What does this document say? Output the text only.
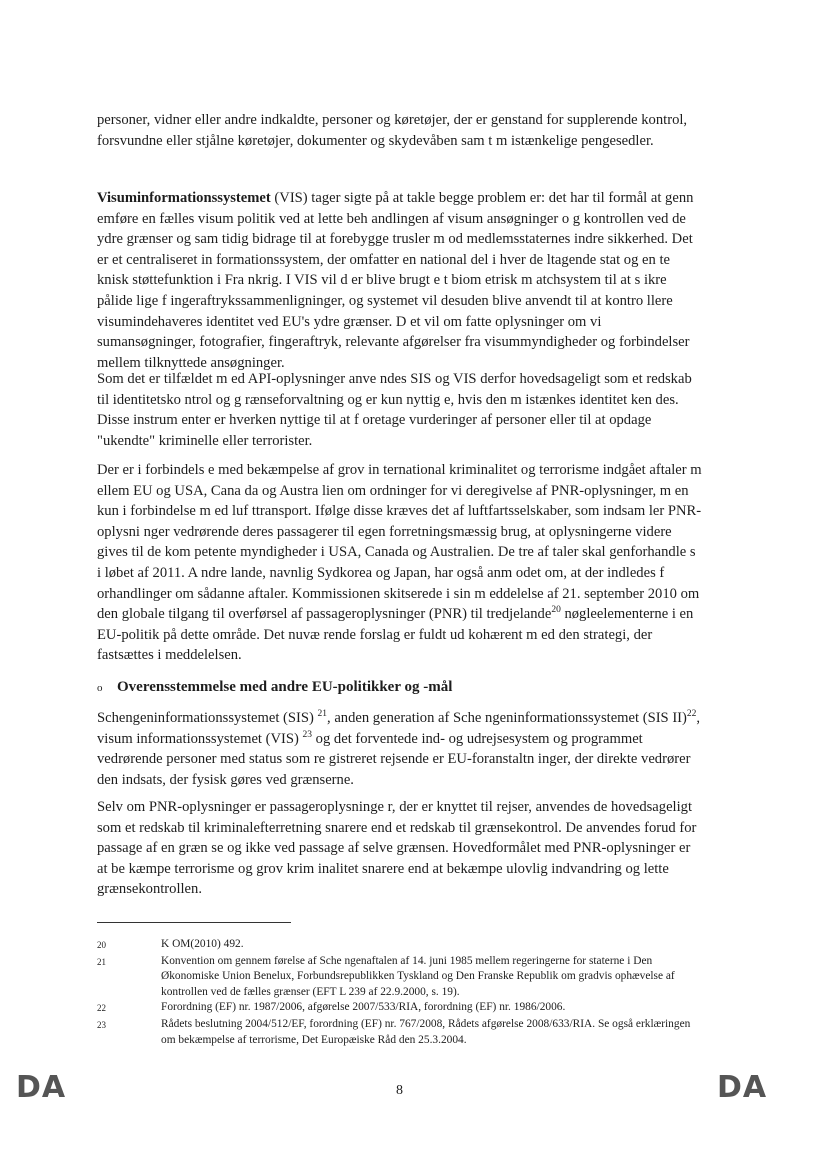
personer, vidner eller andre indkaldte, personer og køretøjer, der er genstand for supplerende kontrol, forsvundne eller stjålne køretøjer, dokumenter og skydevåben sam t m istænkelige pengesedler.

Visuminformationssystemet (VIS) tager sigte på at takle begge problem er: det har til formål at genn emføre en fælles visum politik ved at lette beh andlingen af visum ansøgninger o g kontrollen ved de ydre grænser og sam tidig bidrage til at forebygge trusler m od medlemsstaternes indre sikkerhed. Det er et centraliseret in formationssystem, der omfatter en national del i hver de ltagende stat og en te knisk støttefunktion i Fra nkrig. I VIS vil d er blive brugt e t biom etrisk m atchsystem til at s ikre pålide lige f ingeraftrykssammenligninger, og systemet vil desuden blive anvendt til at kontro llere visumindehaveres identitet ved EU's ydre grænser. D et vil om fatte oplysninger om vi sumansøgninger, fotografier, fingeraftryk, relevante afgørelser fra visummyndigheder og forbindelser mellem tilknyttede ansøgninger.

Som det er tilfældet m ed API-oplysninger anve ndes SIS og VIS derfor hovedsageligt som et redskab til identitetsko ntrol og g rænseforvaltning og er kun nyttig e, hvis den m istænkes identitet ken des. Disse instrum enter er hverken nyttige til at f oretage vurderinger af personer eller til at opdage "ukendte" kriminelle eller terrorister.

Der er i forbindels e med bekæmpelse af grov in ternational kriminalitet og terrorisme indgået aftaler m ellem EU og USA, Cana da og Austra lien om ordninger for vi deregivelse af PNR-oplysninger, m en kun i forbindelse m ed luf ttransport. Ifølge disse kræves det af luftfartsselskaber, som indsam ler PNR-oplysni nger vedrørende deres passagerer til egen forretningsmæssig brug, at oplysningerne videre gives til de kom petente myndigheder i USA, Canada og Australien. De tre af taler skal genforhandle s i løbet af 2011. A ndre lande, navnlig Sydkorea og Japan, har også anm odet om, at der indledes f orhandlinger om sådanne aftaler. Kommissionen skitserede i sin m eddelelse af 21. september 2010 om den globale tilgang til overførsel af passageroplysninger (PNR) til tredjelande$^{20}$ nøgleelementerne i en EU-politik på dette område. Det nuvæ rende forslag er fuldt ud kohærent m ed den strategi, der fastsættes i meddelelsen.

o Overensstemmelse med andre EU-politikker og -mål

Schengeninformationssystemet (SIS) $^{21}$, anden generation af Sche ngeninformationssystemet (SIS II)$^{22}$, visum informationssystemet (VIS) $^{23}$ og det forventede ind- og udrejsesystem og programmet vedrørende personer med status som re gistreret rejsende er EU-foranstaltn inger, der direkte vedrører den indsats, der fysisk gøres ved grænserne.

Selv om PNR-oplysninger er passageroplysninge r, der er knyttet til rejser, anvendes de hovedsageligt som et redskab til kriminalefterretning snarere end et redskab til grænsekontrol. De anvendes forud for passage af en græn se og ikke ved passage af selve grænsen. Hovedformålet med PNR-oplysninger er at be kæmpe terrorisme og grov krim inalitet snarere end at bekæmpe ulovlig indvandring og lette grænsekontrollen.

20	K OM(2010) 492.
21	Konvention om gennem førelse af Sche ngenaftalen af 14. juni 1985 mellem regeringerne for staterne i Den Økonomiske Union Benelux, Forbundsrepublikken Tyskland og Den Franske Republik om gradvis ophævelse af kontrollen ved de fælles grænser (EFT L 239 af 22.9.2000, s. 19).
22	Forordning (EF) nr. 1987/2006, afgørelse 2007/533/RIA, forordning (EF) nr. 1986/2006.
23	Rådets beslutning 2004/512/EF, forordning (EF) nr. 767/2008, Rådets afgørelse 2008/633/RIA. Se også erklæringen om bekæmpelse af terrorisme, Det Europæiske Råd den 25.3.2004.
DA	8	DA
